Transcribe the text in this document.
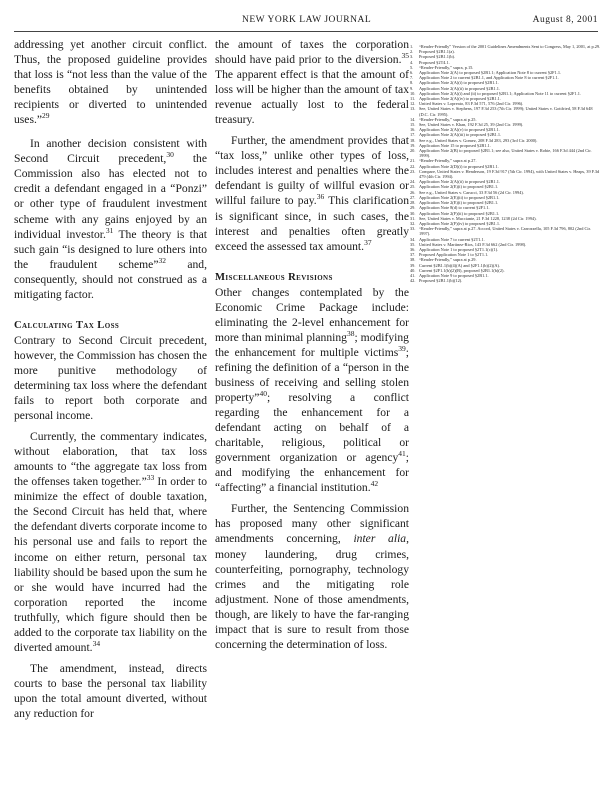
NEW YORK LAW JOURNAL	August 8, 2001

addressing yet another circuit conflict. Thus, the proposed guideline provides that loss is “not less than the value of the benefits obtained by unintended recipients or diverted to unintended uses.”$^{29}$

In another decision consistent with Second Circuit precedent,$^{30}$ the Commission also has elected not to credit a defendant engaged in a “Ponzi” or other type of fraudulent investment scheme with any gains enjoyed by an individual investor.$^{31}$ The theory is that such gain “is designed to lure others into the fraudulent scheme”$^{32}$ and, consequently, should not construed as a mitigating factor.

Calculating Tax Loss

Contrary to Second Circuit precedent, however, the Commission has chosen the more punitive methodology of determining tax loss where the defendant fails to report both corporate and personal income.

Currently, the commentary indicates, without elaboration, that tax loss amounts to “the aggregate tax loss from the offenses taken together.”$^{33}$ In order to minimize the effect of double taxation, the Second Circuit has held that, where the defendant diverts corporate income to his personal use and fails to report the income on either return, personal tax liability should be based upon the sum he or she would have incurred had the corporation reported the income truthfully, which figure should then be added to the corporate tax liability on the diverted amount.$^{34}$

The amendment, instead, directs courts to base the personal tax liability upon the total amount diverted, without any reduction for

the amount of taxes the corporation should have paid prior to the diversion.$^{35}$ The apparent effect is that the amount of loss will be higher than the amount of tax revenue actually lost to the federal treasury.

Further, the amendment provides that “tax loss,” unlike other types of loss, includes interest and penalties where the defendant is guilty of willful evasion or willful failure to pay.$^{36}$ This clarification is significant since, in such cases, the interest and penalties often greatly exceed the assessed tax amount.$^{37}$

Miscellaneous Revisions

Other changes contemplated by the Economic Crime Package include: eliminating the 2-level enhancement for more than minimal planning$^{38}$; modifying the enhancement for multiple victims$^{39}$; refining the definition of a “person in the business of receiving and selling stolen property”$^{40}$; resolving a conflict regarding the enhancement for a defendant acting on behalf of a charitable, religious, political or government organization or agency$^{41}$; and modifying the enhancement for “affecting” a financial institution.$^{42}$

Further, the Sentencing Commission has proposed many other significant amendments concerning, inter alia, money laundering, drug crimes, counterfeiting, pornography, technology crimes and the mitigating role adjustment. None of those amendments, though, are likely to have the far-ranging impact that is sure to result from those concerning the determination of loss.

1. “Reader-Friendly” Version of the 2001 Guidelines Amendments Sent to Congress, May 1, 2001, at p.29.
2. Proposed §2B1.1(a).
3. Proposed §2B1.1(b).
4. Proposed §2T4.1.
5. “Reader-Friendly,” supra, p.15.
6. Application Note 2(A) to proposed §2B1.1; Application Note 8 to current §2F1.1.
7. Application Note 2 to current §2B1.1, and Application Note 8 to current §2F1.1.
8. Application Note 2(A)(i) to proposed §2B1.1.
9. Application Note 2(A)(ii) to proposed §2B1.1.
10. Application Note 2(A)(i) and (ii) to proposed §2B1.1; Application Note 11 to current §2F1.1.
11. Application Note 2(A)(iv) to proposed §2B1.1.
12. United States v. Lopreato, 83 F.3d 571, 576 (2nd Cir. 1996).
13. See, United States v. Stephens, 197 F.3d 253 (7th Cir. 1999); United States v. Gottfried, 58 F.3d 648 (D.C. Cir. 1995).
14. “Reader-Friendly,” supra at p.25.
15. See, United States v. Khan, 192 F.3d 25, 39 (2nd Cir. 1999).
16. Application Note 2(A)(v) to proposed §2B1.1.
17. Application Note 2(A)(iii) to proposed §2B1.1.
18. See e.g., United States v. Gomez, 208 F.3d 283, 293 (3rd Cir. 2000).
19. Application Note 15 to proposed §2B1.1.
20. Application Note 2(B) to proposed §2B1.1; see also, United States v. Robie, 166 F.3d 444 (2nd Cir. 1999).
21. “Reader-Friendly,” supra at p.27.
22. Application Note 2(D)(i) to proposed §2B1.1.
23. Compare, United States v. Henderson, 19 F.3d 917 (5th Cir. 1994), with United States v. Heaps, 39 F.3d 479 (4th Cir. 1994).
24. Application Note 2(A)(ii) to proposed §2B1.1.
25. Application Note 2(E)(i) to proposed §2B1.1.
26. See e.g., United States v. Carucci, 33 F.3d 56 (2d Cir. 1994).
27. Application Note 2(E)(ii) to proposed §2B1.1.
28. Application Note 2(E)(i) to proposed §2B1.1.
29. Application Note 8(d) to current §2F1.1.
30. Application Note 2(F)(ii) to proposed §2B1.1.
31. See, United States v. Mucciante, 21 F.3d 1228, 1238 (2d Cir. 1994).
32. Application Note 2(F)(iv) to proposed §2B1.1.
33. “Reader-Friendly,” supra at p.27. Accord, United States v. Carrozzella, 105 F.3d 796, 802 (2nd Cir. 1997).
34. Application Note 7 to current §2T1.1.
35. United States v. Martinez-Rios, 143 F.3d 662 (2nd Cir. 1998).
36. Application Note 1 to proposed §2T1.1(c)(1).
37. Proposed Application Note 1 to §2T1.1.
38. “Reader-Friendly,” supra at p.29.
39. Current §2B1.1(b)(4)(A) and §2F1.1(b)(2)(A).
40. Current §2F1.1(b)(2)(B), proposed §2B1.1(b)(2).
41. Application Note 9 to proposed §2B1.1.
42. Proposed §2B1.1(b)(12).
